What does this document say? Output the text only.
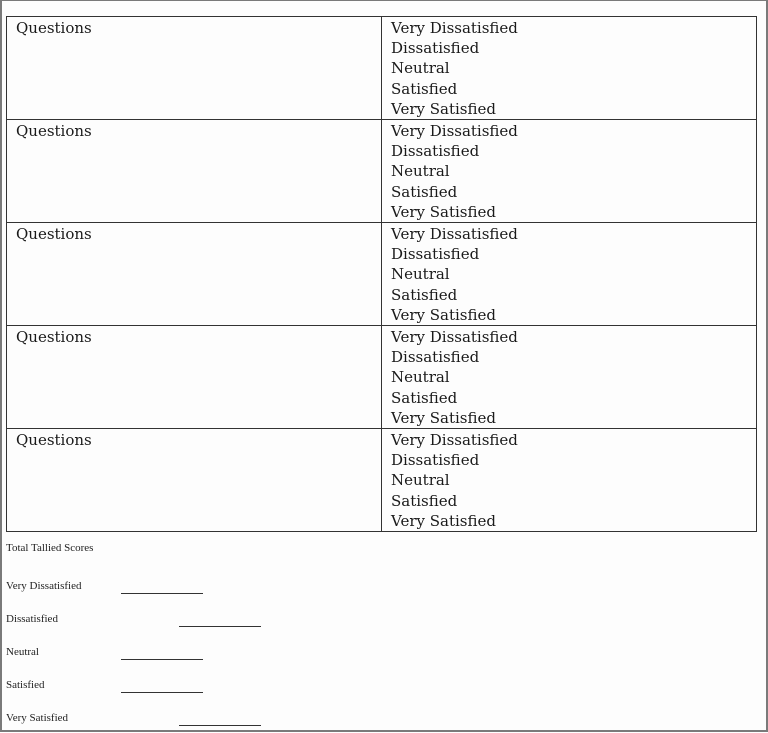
Questions	Very Dissatisfied
Dissatisfied
Neutral
Satisfied
Very Satisfied

Questions	Very Dissatisfied
Dissatisfied
Neutral
Satisfied
Very Satisfied

Questions	Very Dissatisfied
Dissatisfied
Neutral
Satisfied
Very Satisfied

Questions	Very Dissatisfied
Dissatisfied
Neutral
Satisfied
Very Satisfied

Questions	Very Dissatisfied
Dissatisfied
Neutral
Satisfied
Very Satisfied
Total Tallied Scores
Very Dissatisfied
Dissatisfied
Neutral
Satisfied
Very Satisfied
